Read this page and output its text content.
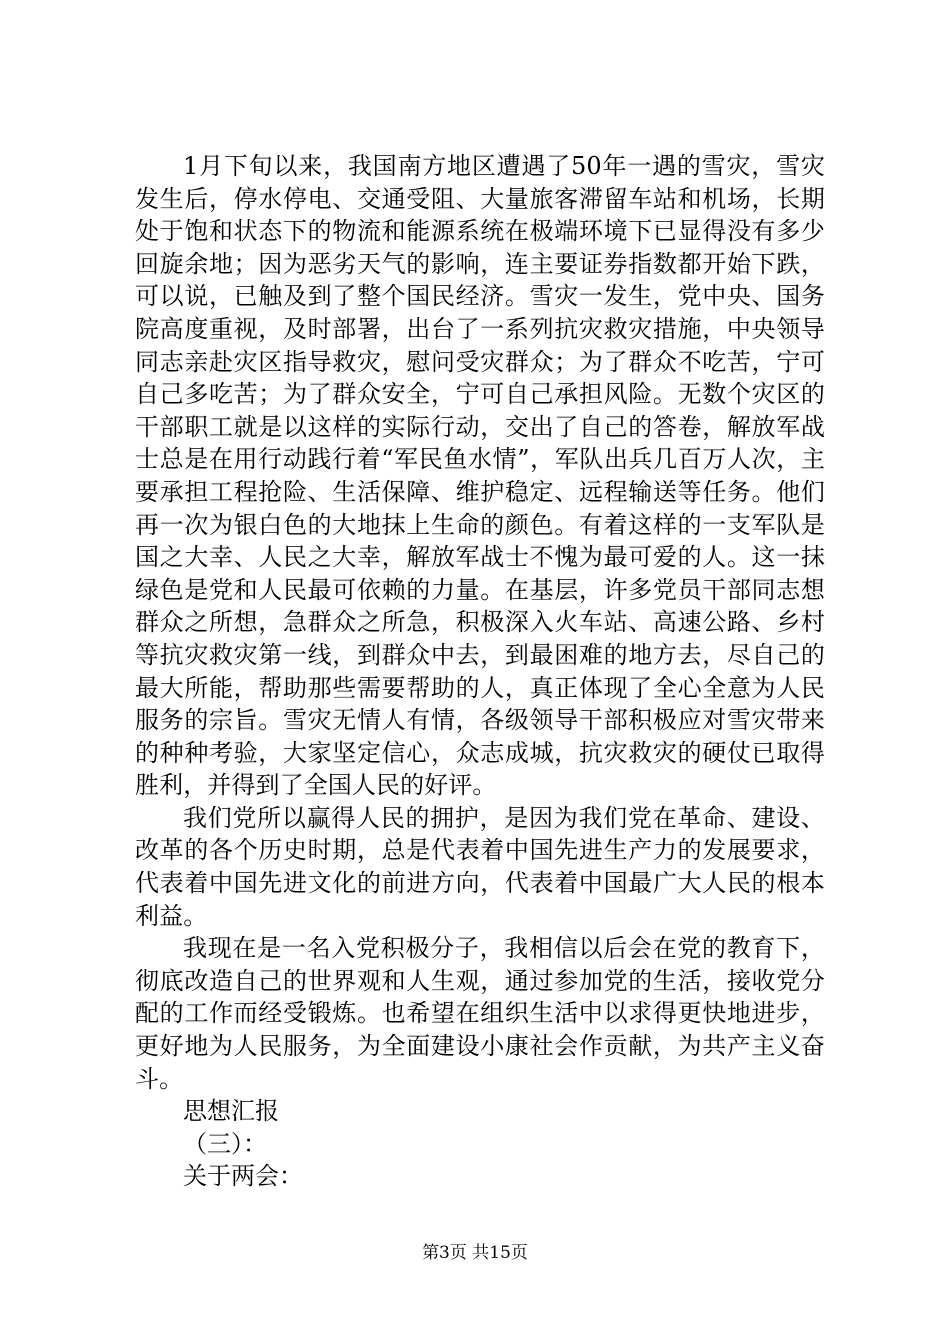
1月下旬以来，我国南方地区遭遇了50年一遇的雪灾，雪灾发生后，停水停电、交通受阻、大量旅客滞留车站和机场，长期处于饱和状态下的物流和能源系统在极端环境下已显得没有多少回旋余地；因为恶劣天气的影响，连主要证券指数都开始下跌，可以说，已触及到了整个国民经济。雪灾一发生，党中央、国务院高度重视，及时部署，出台了一系列抗灾救灾措施，中央领导同志亲赴灾区指导救灾，慰问受灾群众；为了群众不吃苦，宁可自己多吃苦；为了群众安全，宁可自己承担风险。无数个灾区的干部职工就是以这样的实际行动，交出了自己的答卷，解放军战士总是在用行动践行着“军民鱼水情”，军队出兵几百万人次，主要承担工程抢险、生活保障、维护稳定、远程输送等任务。他们再一次为银白色的大地抹上生命的颜色。有着这样的一支军队是国之大幸、人民之大幸，解放军战士不愧为最可爱的人。这一抹绿色是党和人民最可依赖的力量。在基层，许多党员干部同志想群众之所想，急群众之所急，积极深入火车站、高速公路、乡村等抗灾救灾第一线，到群众中去，到最困难的地方去，尽自己的最大所能，帮助那些需要帮助的人，真正体现了全心全意为人民服务的宗旨。雪灾无情人有情，各级领导干部积极应对雪灾带来的种种考验，大家坚定信心，众志成城，抗灾救灾的硬仗已取得胜利，并得到了全国人民的好评。

我们党所以赢得人民的拥护，是因为我们党在革命、建设、改革的各个历史时期，总是代表着中国先进生产力的发展要求，代表着中国先进文化的前进方向，代表着中国最广大人民的根本利益。

我现在是一名入党积极分子，我相信以后会在党的教育下，彻底改造自己的世界观和人生观，通过参加党的生活，接收党分配的工作而经受锻炼。也希望在组织生活中以求得更快地进步，更好地为人民服务，为全面建设小康社会作贡献，为共产主义奋斗。

思想汇报

（三）：

关于两会：

第3页 共15页
